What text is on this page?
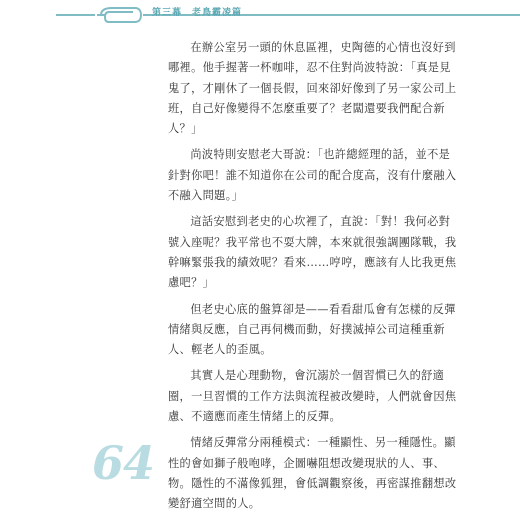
第三幕 老鳥霸凌篇

在辦公室另一頭的休息區裡，史陶德的心情也沒好到哪裡。他手握著一杯咖啡，忍不住對尚波特說：「真是見鬼了，才剛休了一個長假，回來卻好像到了另一家公司上班，自己好像變得不怎麼重要了？老闆還要我們配合新人？」

尚波特則安慰老大哥說：「也許總經理的話，並不是針對你吧！誰不知道你在公司的配合度高，沒有什麼融入不融入問題。」

這話安慰到老史的心坎裡了，直說：「對！我何必對號入座呢？我平常也不耍大牌，本來就很強調團隊戰，我幹嘛緊張我的績效呢？看來……哼哼，應該有人比我更焦慮吧？」

但老史心底的盤算卻是——看看甜瓜會有怎樣的反彈情緒與反應，自己再伺機而動，好撲滅掉公司這種重新人、輕老人的歪風。

其實人是心理動物，會沉溺於一個習慣已久的舒適圈，一旦習慣的工作方法與流程被改變時，人們就會因焦慮、不適應而產生情緒上的反彈。

情緒反彈常分兩種模式：一種顯性、另一種隱性。顯性的會如獅子般咆哮，企圖嚇阻想改變現狀的人、事、物。隱性的不滿像狐狸，會低調觀察後，再密謀推翻想改變舒適空間的人。

64
